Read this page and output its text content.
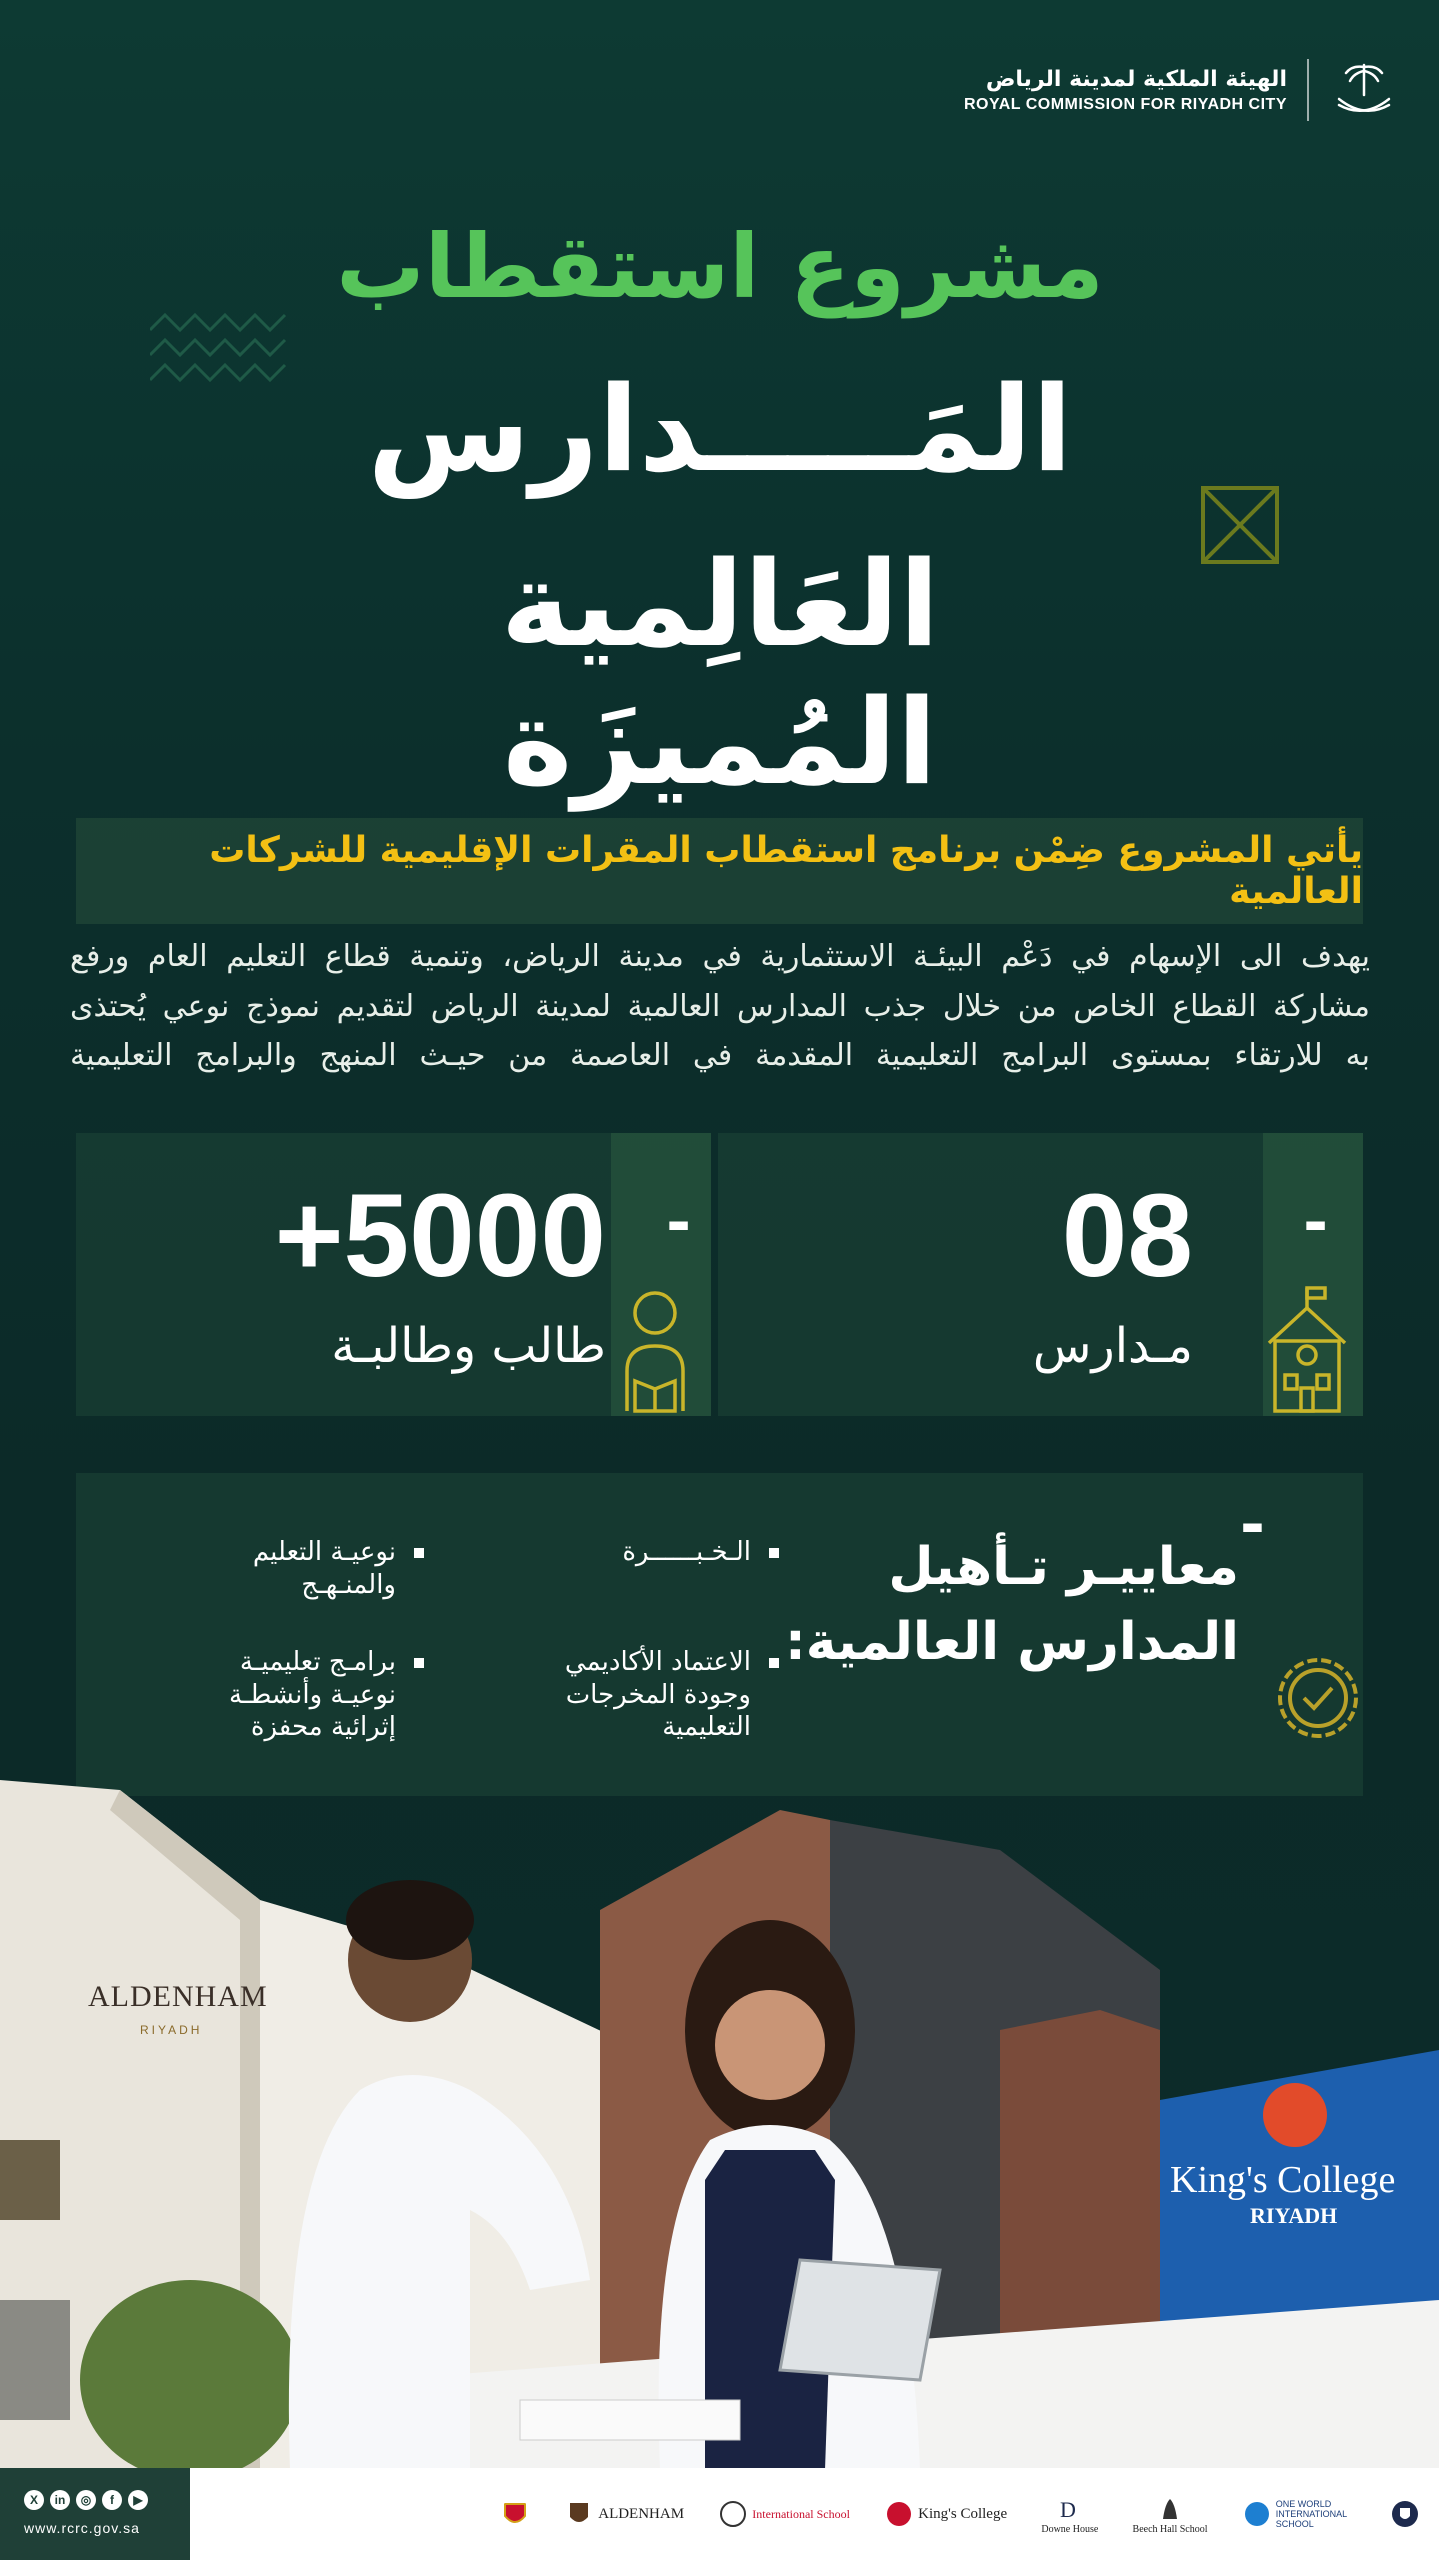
الهيئة الملكية لمدينة الرياض
ROYAL COMMISSION FOR RIYADH CITY
مشروع استقطاب
المَـــــدارس
العَالِمية المُميزَة
يأتي المشروع ضِمْن برنامج استقطاب المقرات الإقليمية للشركات العالمية

يهدف الى الإسهام في دَعْم البيئـة الاستثمارية في مدينة الرياض، وتنمية قطاع التعليم العام ورفع

مشاركة القطاع الخاص من خلال جذب المدارس العالمية لمدينة الرياض لتقديم نموذج نوعي يُحتذى

به للارتقاء بمستوى البرامج التعليمية المقدمة في العاصمة من حيـث المنهج والبرامج التعليمية

-
08
مـدارس
-
+5000
طالب وطالبـة
-
معاييـر تـأهيل
المدارس العالمية:
الـخـبــــــرة
نوعيـة التعليم
والمنـهـج
الاعتماد الأكاديمي
وجودة المخرجات
التعليمية
برامـج تعليميـة
نوعيـة وأنشطـة
إثرائية محفزة
ALDENHAM
RIYADH
King's College
RIYADH
X	in	◎	f	▶
www.rcrc.gov.sa
ALDENHAM	International School	King's College D
Downe House	Beech Hall School
ONE WORLD INTERNATIONAL SCHOOL
